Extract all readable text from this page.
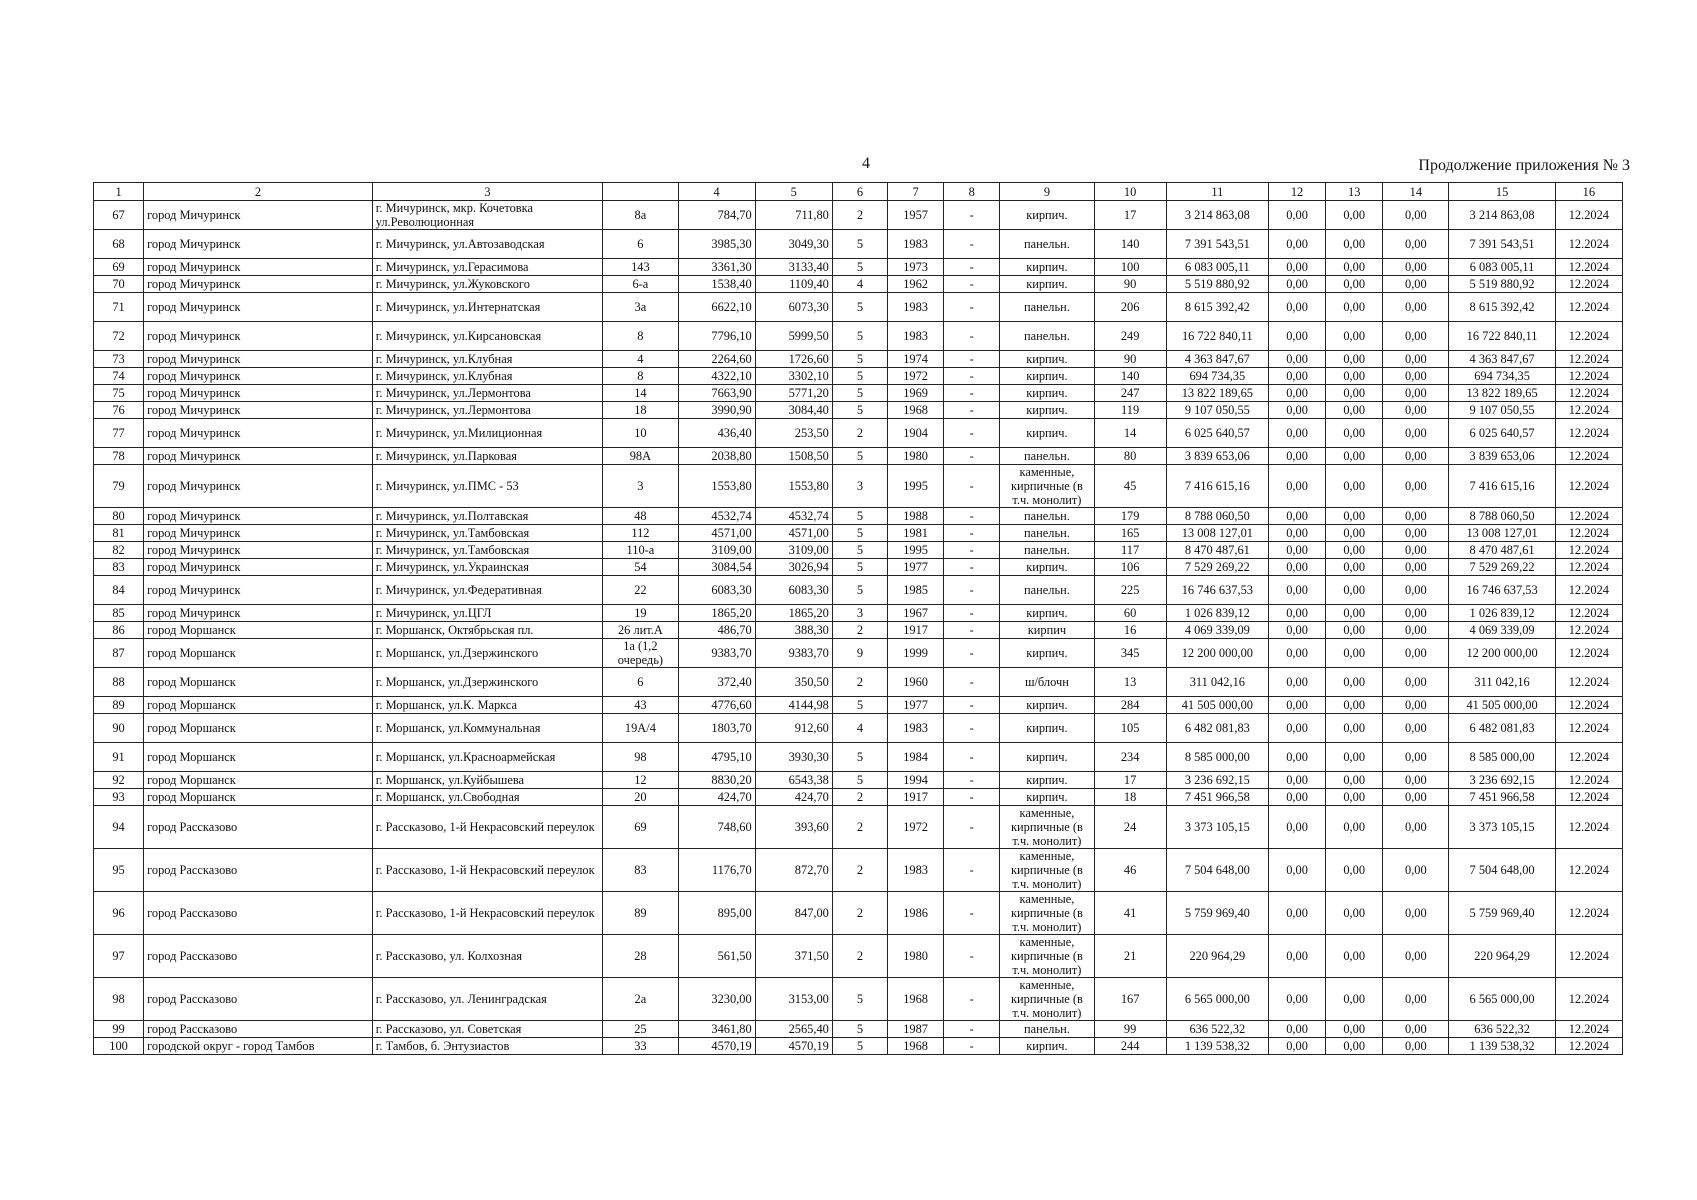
4	Продолжение приложения № 3
1	2	3		4	5	6	7	8	9	10	11	12	13	14	15	16
67	город Мичуринск	г. Мичуринск, мкр. Кочетовка ул.Революционная	8а	784,70	711,80	2	1957	-	кирпич.	17	3 214 863,08	0,00	0,00	0,00	3 214 863,08	12.2024
68	город Мичуринск	г. Мичуринск, ул.Автозаводская	6	3985,30	3049,30	5	1983	-	панельн.	140	7 391 543,51	0,00	0,00	0,00	7 391 543,51	12.2024
69	город Мичуринск	г. Мичуринск, ул.Герасимова	143	3361,30	3133,40	5	1973	-	кирпич.	100	6 083 005,11	0,00	0,00	0,00	6 083 005,11	12.2024
70	город Мичуринск	г. Мичуринск, ул.Жуковского	6-а	1538,40	1109,40	4	1962	-	кирпич.	90	5 519 880,92	0,00	0,00	0,00	5 519 880,92	12.2024
71	город Мичуринск	г. Мичуринск, ул.Интернатская	3а	6622,10	6073,30	5	1983	-	панельн.	206	8 615 392,42	0,00	0,00	0,00	8 615 392,42	12.2024
72	город Мичуринск	г. Мичуринск, ул.Кирсановская	8	7796,10	5999,50	5	1983	-	панельн.	249	16 722 840,11	0,00	0,00	0,00	16 722 840,11	12.2024
73	город Мичуринск	г. Мичуринск, ул.Клубная	4	2264,60	1726,60	5	1974	-	кирпич.	90	4 363 847,67	0,00	0,00	0,00	4 363 847,67	12.2024
74	город Мичуринск	г. Мичуринск, ул.Клубная	8	4322,10	3302,10	5	1972	-	кирпич.	140	694 734,35	0,00	0,00	0,00	694 734,35	12.2024
75	город Мичуринск	г. Мичуринск, ул.Лермонтова	14	7663,90	5771,20	5	1969	-	кирпич.	247	13 822 189,65	0,00	0,00	0,00	13 822 189,65	12.2024
76	город Мичуринск	г. Мичуринск, ул.Лермонтова	18	3990,90	3084,40	5	1968	-	кирпич.	119	9 107 050,55	0,00	0,00	0,00	9 107 050,55	12.2024
77	город Мичуринск	г. Мичуринск, ул.Милиционная	10	436,40	253,50	2	1904	-	кирпич.	14	6 025 640,57	0,00	0,00	0,00	6 025 640,57	12.2024
78	город Мичуринск	г. Мичуринск, ул.Парковая	98А	2038,80	1508,50	5	1980	-	панельн.	80	3 839 653,06	0,00	0,00	0,00	3 839 653,06	12.2024
79	город Мичуринск	г. Мичуринск, ул.ПМС - 53	3	1553,80	1553,80	3	1995	-	каменные, кирпичные (в т.ч. монолит)	45	7 416 615,16	0,00	0,00	0,00	7 416 615,16	12.2024
80	город Мичуринск	г. Мичуринск, ул.Полтавская	48	4532,74	4532,74	5	1988	-	панельн.	179	8 788 060,50	0,00	0,00	0,00	8 788 060,50	12.2024
81	город Мичуринск	г. Мичуринск, ул.Тамбовская	112	4571,00	4571,00	5	1981	-	панельн.	165	13 008 127,01	0,00	0,00	0,00	13 008 127,01	12.2024
82	город Мичуринск	г. Мичуринск, ул.Тамбовская	110-а	3109,00	3109,00	5	1995	-	панельн.	117	8 470 487,61	0,00	0,00	0,00	8 470 487,61	12.2024
83	город Мичуринск	г. Мичуринск, ул.Украинская	54	3084,54	3026,94	5	1977	-	кирпич.	106	7 529 269,22	0,00	0,00	0,00	7 529 269,22	12.2024
84	город Мичуринск	г. Мичуринск, ул.Федеративная	22	6083,30	6083,30	5	1985	-	панельн.	225	16 746 637,53	0,00	0,00	0,00	16 746 637,53	12.2024
85	город Мичуринск	г. Мичуринск, ул.ЦГЛ	19	1865,20	1865,20	3	1967	-	кирпич.	60	1 026 839,12	0,00	0,00	0,00	1 026 839,12	12.2024
86	город Моршанск	г. Моршанск, Октябрьская пл.	26 лит.А	486,70	388,30	2	1917	-	кирпич	16	4 069 339,09	0,00	0,00	0,00	4 069 339,09	12.2024
87	город Моршанск	г. Моршанск, ул.Дзержинского	1а (1,2 очередь)	9383,70	9383,70	9	1999	-	кирпич.	345	12 200 000,00	0,00	0,00	0,00	12 200 000,00	12.2024
88	город Моршанск	г. Моршанск, ул.Дзержинского	6	372,40	350,50	2	1960	-	ш/блочн	13	311 042,16	0,00	0,00	0,00	311 042,16	12.2024
89	город Моршанск	г. Моршанск, ул.К. Маркса	43	4776,60	4144,98	5	1977	-	кирпич.	284	41 505 000,00	0,00	0,00	0,00	41 505 000,00	12.2024
90	город Моршанск	г. Моршанск, ул.Коммунальная	19А/4	1803,70	912,60	4	1983	-	кирпич.	105	6 482 081,83	0,00	0,00	0,00	6 482 081,83	12.2024
91	город Моршанск	г. Моршанск, ул.Красноармейская	98	4795,10	3930,30	5	1984	-	кирпич.	234	8 585 000,00	0,00	0,00	0,00	8 585 000,00	12.2024
92	город Моршанск	г. Моршанск, ул.Куйбышева	12	8830,20	6543,38	5	1994	-	кирпич.	17	3 236 692,15	0,00	0,00	0,00	3 236 692,15	12.2024
93	город Моршанск	г. Моршанск, ул.Свободная	20	424,70	424,70	2	1917	-	кирпич.	18	7 451 966,58	0,00	0,00	0,00	7 451 966,58	12.2024
94	город Рассказово	г. Рассказово, 1-й Некрасовский переулок	69	748,60	393,60	2	1972	-	каменные, кирпичные (в т.ч. монолит)	24	3 373 105,15	0,00	0,00	0,00	3 373 105,15	12.2024
95	город Рассказово	г. Рассказово, 1-й Некрасовский переулок	83	1176,70	872,70	2	1983	-	каменные, кирпичные (в т.ч. монолит)	46	7 504 648,00	0,00	0,00	0,00	7 504 648,00	12.2024
96	город Рассказово	г. Рассказово, 1-й Некрасовский переулок	89	895,00	847,00	2	1986	-	каменные, кирпичные (в т.ч. монолит)	41	5 759 969,40	0,00	0,00	0,00	5 759 969,40	12.2024
97	город Рассказово	г. Рассказово, ул. Колхозная	28	561,50	371,50	2	1980	-	каменные, кирпичные (в т.ч. монолит)	21	220 964,29	0,00	0,00	0,00	220 964,29	12.2024
98	город Рассказово	г. Рассказово, ул. Ленинградская	2а	3230,00	3153,00	5	1968	-	каменные, кирпичные (в т.ч. монолит)	167	6 565 000,00	0,00	0,00	0,00	6 565 000,00	12.2024
99	город Рассказово	г. Рассказово, ул. Советская	25	3461,80	2565,40	5	1987	-	панельн.	99	636 522,32	0,00	0,00	0,00	636 522,32	12.2024
100	городской округ - город Тамбов	г. Тамбов, б. Энтузиастов	33	4570,19	4570,19	5	1968	-	кирпич.	244	1 139 538,32	0,00	0,00	0,00	1 139 538,32	12.2024
